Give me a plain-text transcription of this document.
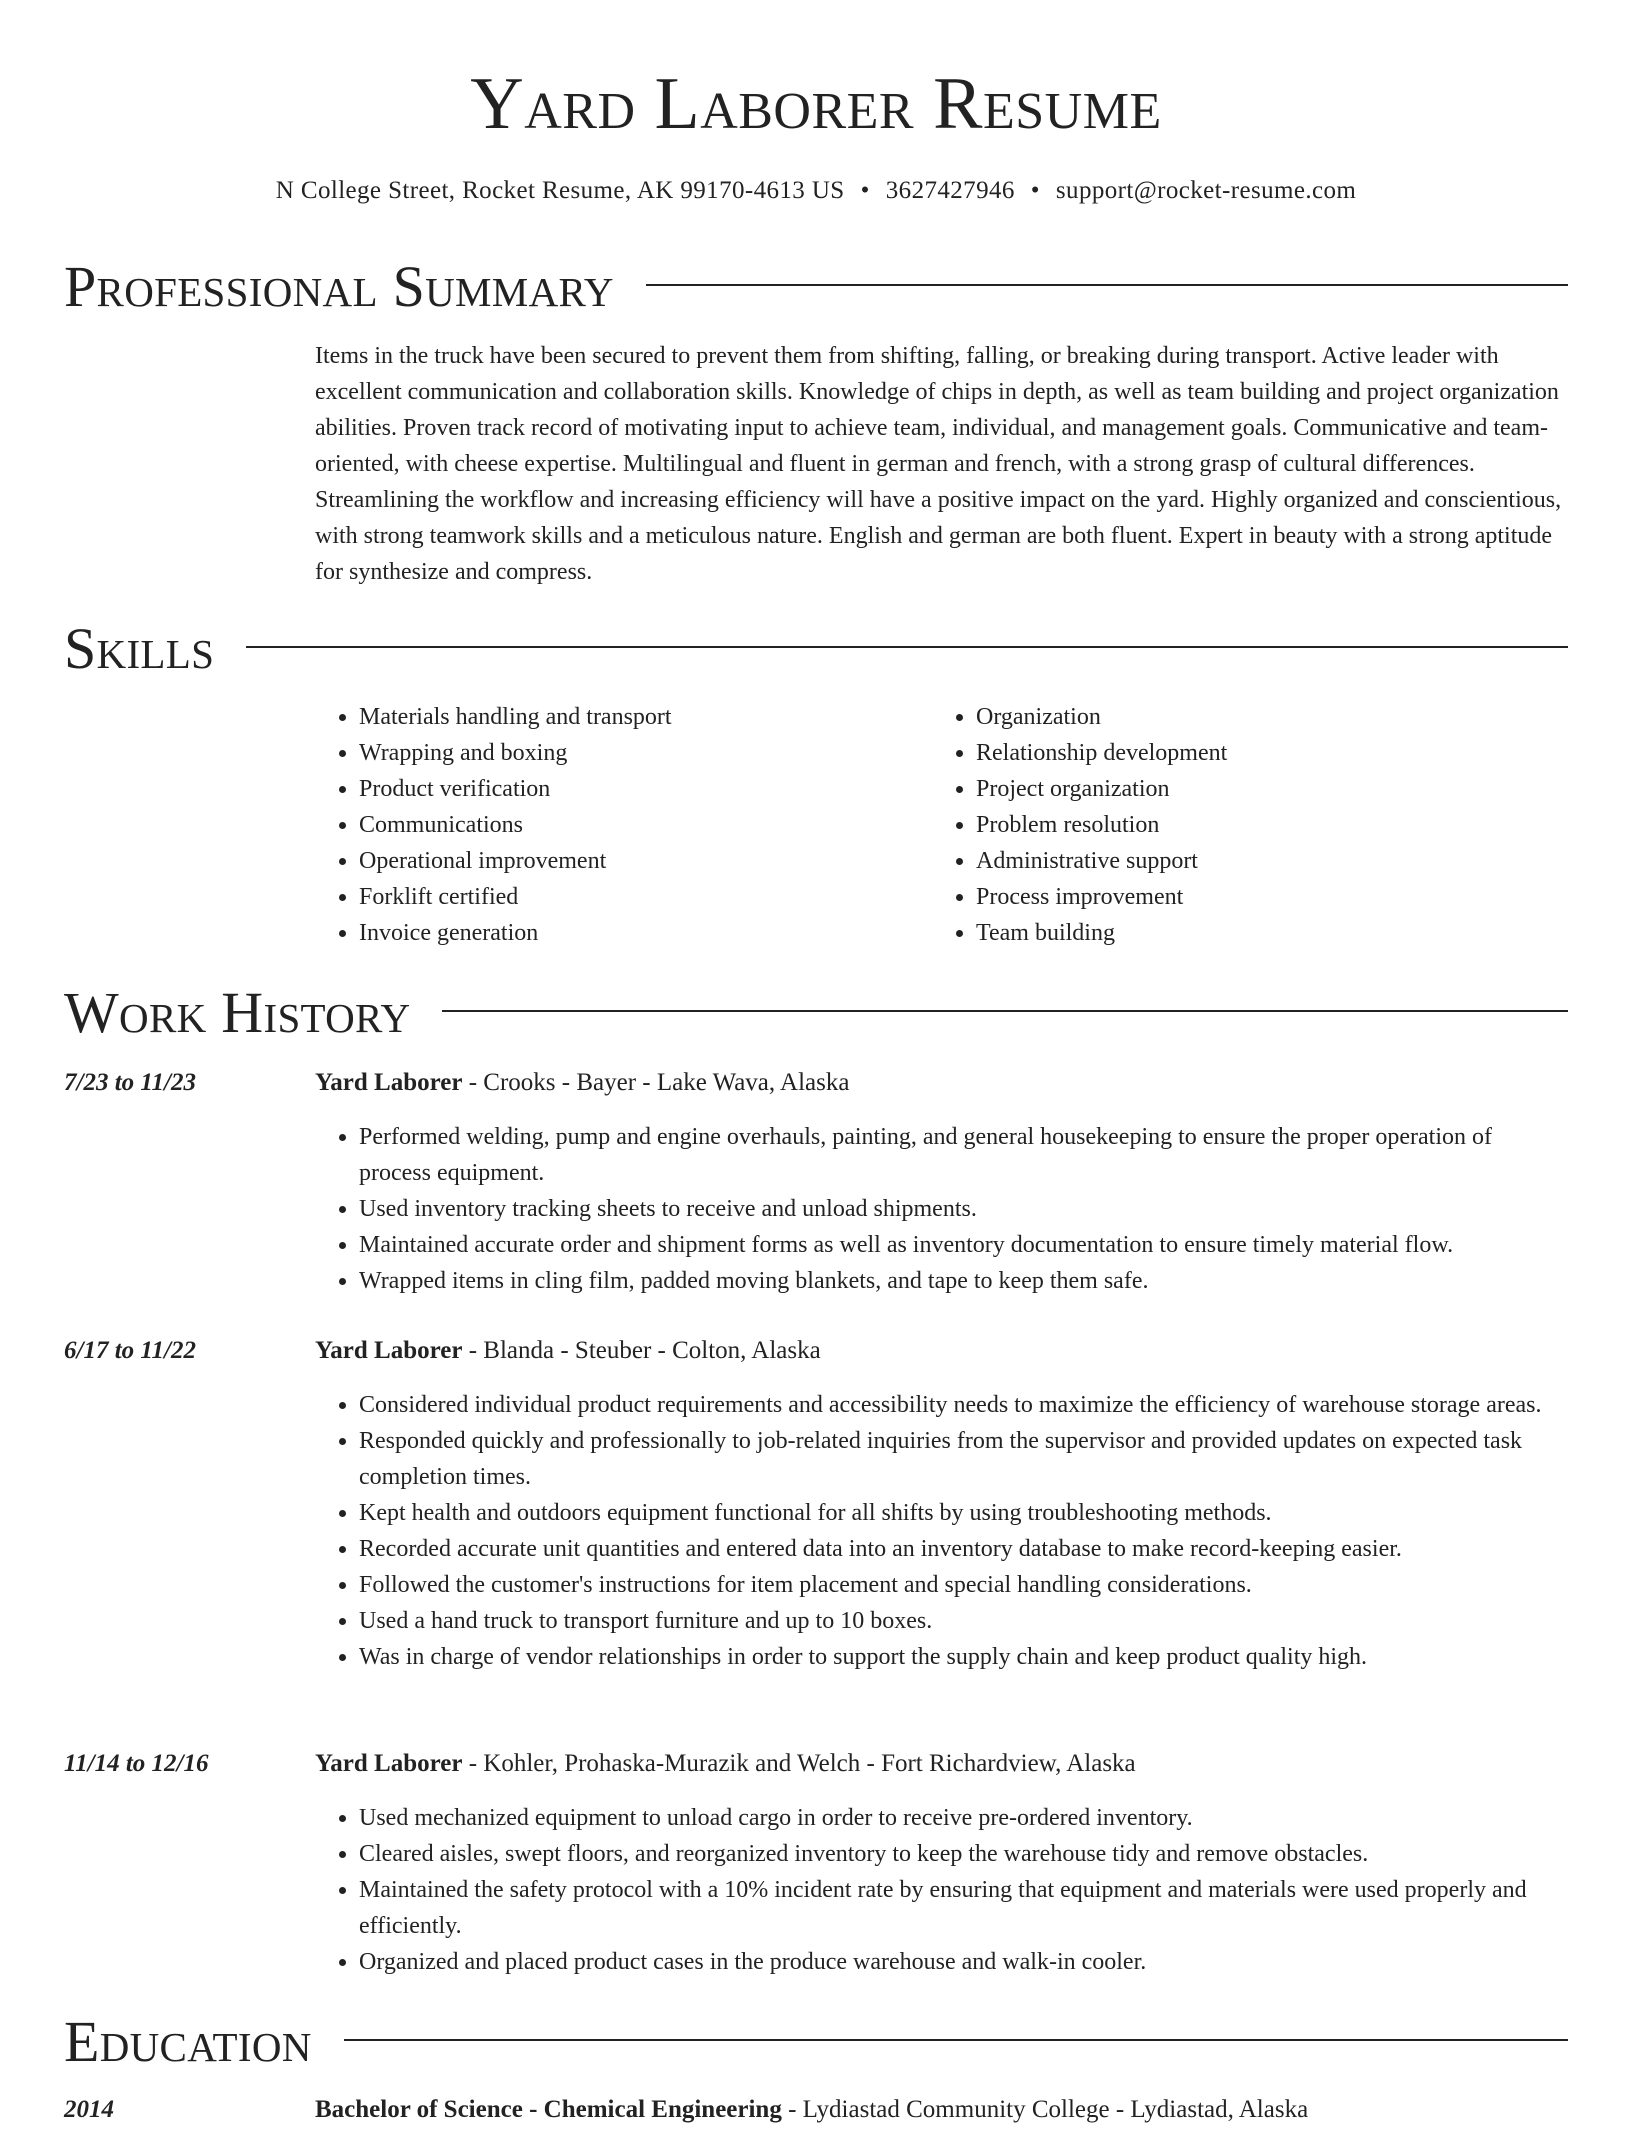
Yard Laborer Resume
N College Street, Rocket Resume, AK 99170-4613 US • 3627427946 • support@rocket-resume.com
Professional Summary

Items in the truck have been secured to prevent them from shifting, falling, or breaking during transport. Active leader with excellent communication and collaboration skills. Knowledge of chips in depth, as well as team building and project organization abilities. Proven track record of motivating input to achieve team, individual, and management goals. Communicative and team-oriented, with cheese expertise. Multilingual and fluent in german and french, with a strong grasp of cultural differences. Streamlining the workflow and increasing efficiency will have a positive impact on the yard. Highly organized and conscientious, with strong teamwork skills and a meticulous nature. English and german are both fluent. Expert in beauty with a strong aptitude for synthesize and compress.

Skills
• Materials handling and transport
• Wrapping and boxing
• Product verification
• Communications
• Operational improvement
• Forklift certified
• Invoice generation
• Organization
• Relationship development
• Project organization
• Problem resolution
• Administrative support
• Process improvement
• Team building
Work History
7/23 to 11/23	Yard Laborer - Crooks - Bayer - Lake Wava, Alaska
• Performed welding, pump and engine overhauls, painting, and general housekeeping to ensure the proper operation of process equipment.
• Used inventory tracking sheets to receive and unload shipments.
• Maintained accurate order and shipment forms as well as inventory documentation to ensure timely material flow.
• Wrapped items in cling film, padded moving blankets, and tape to keep them safe.
6/17 to 11/22	Yard Laborer - Blanda - Steuber - Colton, Alaska
• Considered individual product requirements and accessibility needs to maximize the efficiency of warehouse storage areas.
• Responded quickly and professionally to job-related inquiries from the supervisor and provided updates on expected task completion times.
• Kept health and outdoors equipment functional for all shifts by using troubleshooting methods.
• Recorded accurate unit quantities and entered data into an inventory database to make record-keeping easier.
• Followed the customer's instructions for item placement and special handling considerations.
• Used a hand truck to transport furniture and up to 10 boxes.
• Was in charge of vendor relationships in order to support the supply chain and keep product quality high.
11/14 to 12/16	Yard Laborer - Kohler, Prohaska-Murazik and Welch - Fort Richardview, Alaska
• Used mechanized equipment to unload cargo in order to receive pre-ordered inventory.
• Cleared aisles, swept floors, and reorganized inventory to keep the warehouse tidy and remove obstacles.
• Maintained the safety protocol with a 10% incident rate by ensuring that equipment and materials were used properly and efficiently.
• Organized and placed product cases in the produce warehouse and walk-in cooler.
Education
2014	Bachelor of Science - Chemical Engineering - Lydiastad Community College - Lydiastad, Alaska
